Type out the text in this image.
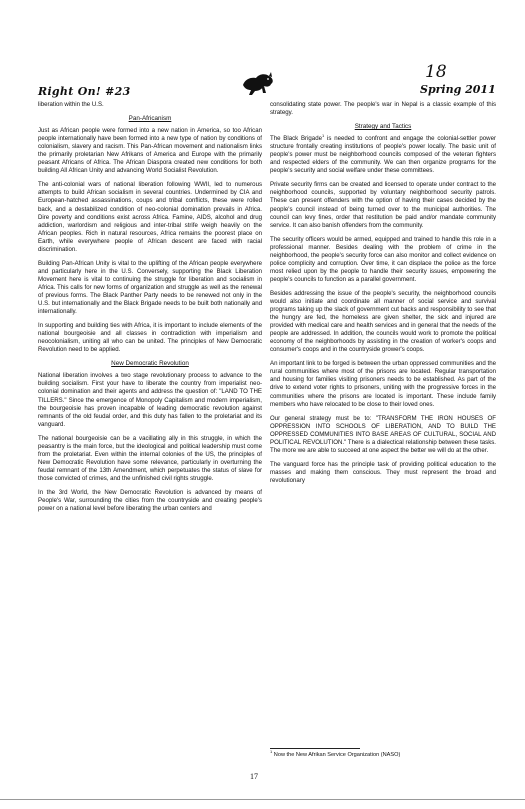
Right On! #23
18
Spring 2011

liberation within the U.S.

Pan-Africanism

Just as African people were formed into a new nation in America, so too African people internationally have been formed into a new type of nation by conditions of colonialism, slavery and racism. This Pan-African movement and nationalism links the primarily proletarian New Afrikans of America and Europe with the primarily peasant Africans of Africa. The African Diaspora created new conditions for both building All African Unity and advancing World Socialist Revolution.

The anti-colonial wars of national liberation following WWII, led to numerous attempts to build African socialism in several countries. Undermined by CIA and European-hatched assassinations, coups and tribal conflicts, these were rolled back, and a destabilized condition of neo-colonial domination prevails in Africa. Dire poverty and conditions exist across Africa. Famine, AIDS, alcohol and drug addiction, warlordism and religious and inter-tribal strife weigh heavily on the African peoples. Rich in natural resources, Africa remains the poorest place on Earth, while everywhere people of African descent are faced with racial discrimination.

Building Pan-African Unity is vital to the uplifting of the African people everywhere and particularly here in the U.S. Conversely, supporting the Black Liberation Movement here is vital to continuing the struggle for liberation and socialism in Africa. This calls for new forms of organization and struggle as well as the renewal of previous forms. The Black Panther Party needs to be renewed not only in the U.S. but internationally and the Black Brigade needs to be built both nationally and internationally.

In supporting and building ties with Africa, it is important to include elements of the national bourgeoisie and all classes in contradiction with imperialism and neocolonialism, uniting all who can be united. The principles of New Democratic Revolution need to be applied.

New Democratic Revolution

National liberation involves a two stage revolutionary process to advance to the building socialism. First your have to liberate the country from imperialist neo-colonial domination and their agents and address the question of: "LAND TO THE TILLERS." Since the emergence of Monopoly Capitalism and modern imperialism, the bourgeoisie has proven incapable of leading democratic revolution against remnants of the old feudal order, and this duty has fallen to the proletariat and its vanguard.

The national bourgeoisie can be a vacillating ally in this struggle, in which the peasantry is the main force, but the ideological and political leadership must come from the proletariat. Even within the internal colonies of the US, the principles of New Democratic Revolution have some relevance, particularly in overturning the feudal remnant of the 13th Amendment, which perpetuates the status of slave for those convicted of crimes, and the unfinished civil rights struggle.

In the 3rd World, the New Democratic Revolution is advanced by means of People's War, surrounding the cities from the countryside and creating people's power on a national level before liberating the urban centers and

consolidating state power. The people's war in Nepal is a classic example of this strategy.

Strategy and Tactics

The Black Brigade$^1$ is needed to confront and engage the colonial-settler power structure frontally creating institutions of people's power locally. The basic unit of people's power must be neighborhood councils composed of the veteran fighters and respected elders of the community. We can then organize programs for the people's security and social welfare under these committees.

Private security firms can be created and licensed to operate under contract to the neighborhood councils, supported by voluntary neighborhood security patrols. These can present offenders with the option of having their cases decided by the people's council instead of being turned over to the municipal authorities. The council can levy fines, order that restitution be paid and/or mandate community service. It can also banish offenders from the community.

The security officers would be armed, equipped and trained to handle this role in a professional manner. Besides dealing with the problem of crime in the neighborhood, the people's security force can also monitor and collect evidence on police complicity and corruption. Over time, it can displace the police as the force most relied upon by the people to handle their security issues, empowering the people's councils to function as a parallel government.

Besides addressing the issue of the people's security, the neighborhood councils would also initiate and coordinate all manner of social service and survival programs taking up the slack of government cut backs and responsibility to see that the hungry are fed, the homeless are given shelter, the sick and injured are provided with medical care and health services and in general that the needs of the people are addressed. In addition, the councils would work to promote the political economy of the neighborhoods by assisting in the creation of worker's coops and consumer's coops and in the countryside grower's coops.

An important link to be forged is between the urban oppressed communities and the rural communities where most of the prisons are located. Regular transportation and housing for families visiting prisoners needs to be established. As part of the drive to extend voter rights to prisoners, uniting with the progressive forces in the communities where the prisons are located is important. These include family members who have relocated to be close to their loved ones.

Our general strategy must be to: "TRANSFORM THE IRON HOUSES OF OPPRESSION INTO SCHOOLS OF LIBERATION, AND TO BUILD THE OPPRESSED COMMUNITIES INTO BASE AREAS OF CULTURAL, SOCIAL AND POLITICAL REVOLUTION." There is a dialectical relationship between these tasks. The more we are able to succeed at one aspect the better we will do at the other.

The vanguard force has the principle task of providing political education to the masses and making them conscious. They must represent the broad and revolutionary

$^1$ Now the New Afrikan Service Organization (NASO)
17
